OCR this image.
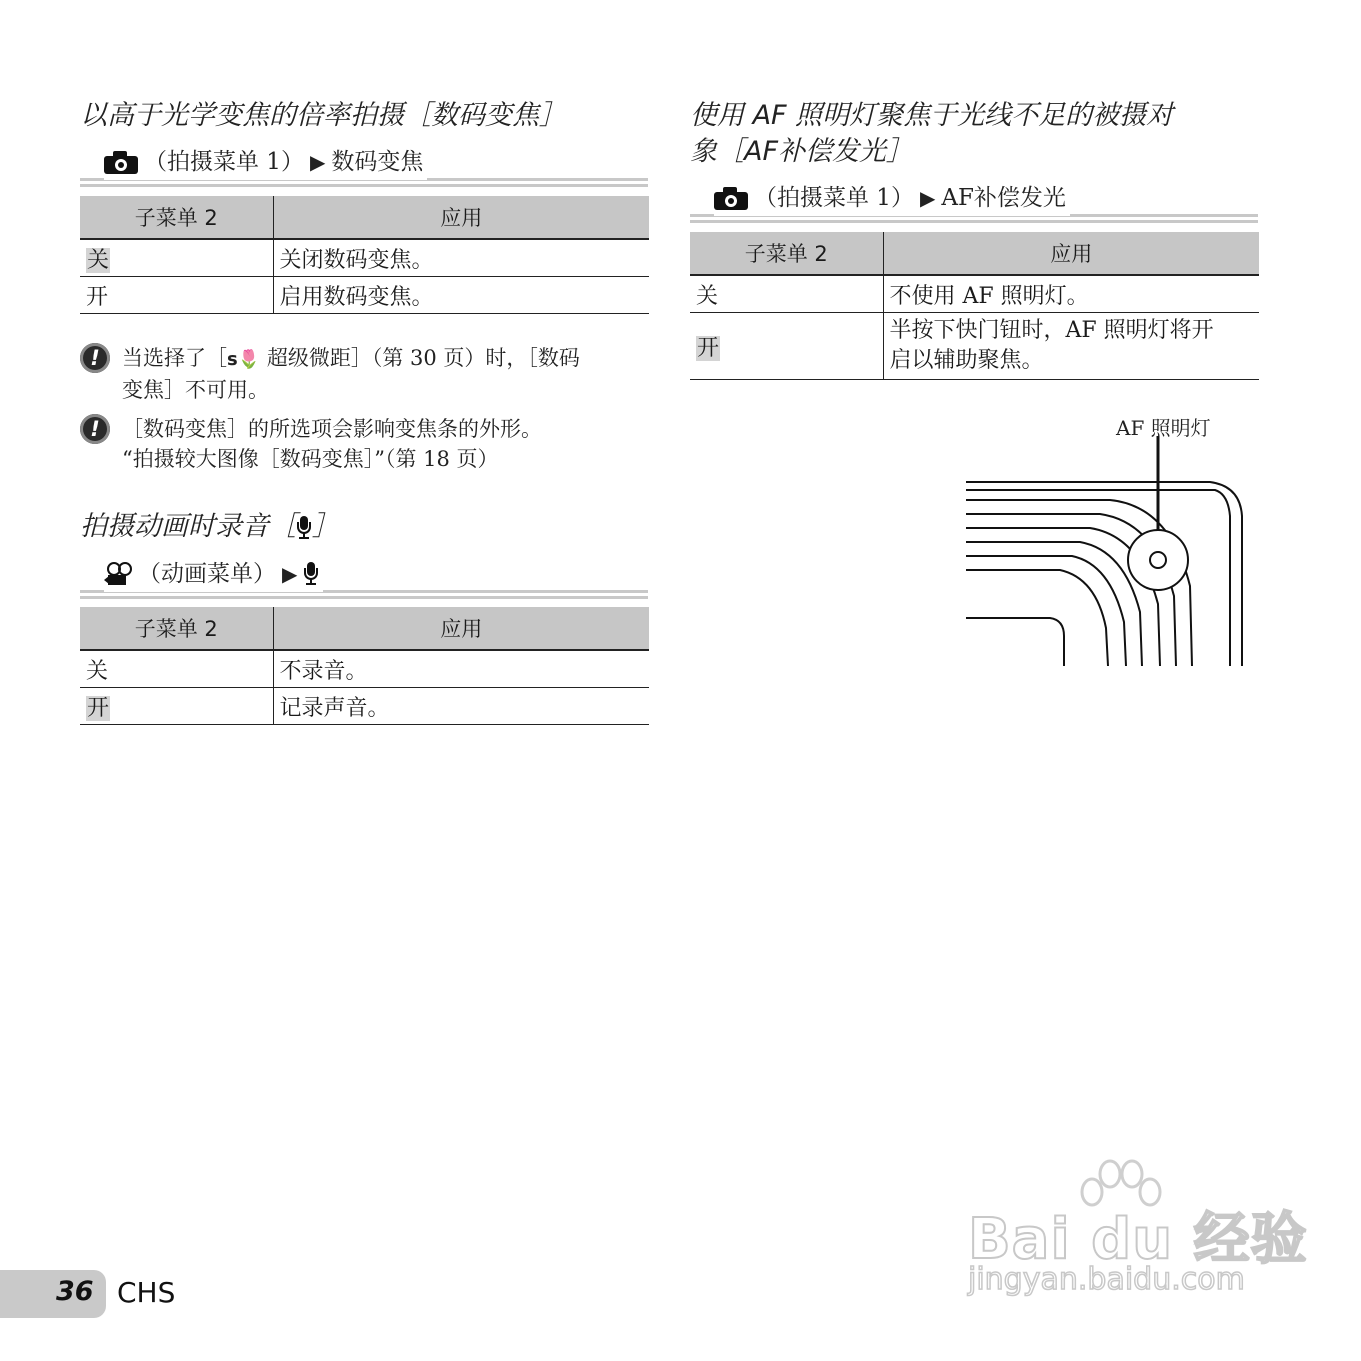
以高于光学变焦的倍率拍摄［数码变焦］
（拍摄菜单 1） ▶ 数码变焦
子菜单 2	应用
关	关闭数码变焦。
开	启用数码变焦。
!	当选择了［s🌷 超级微距］（第 30 页）时，［数码
变焦］不可用。
!	［数码变焦］的所选项会影响变焦条的外形。
“拍摄较大图像［数码变焦］”（第 18 页）
拍摄动画时录音［ ］
（动画菜单） ▶
子菜单 2	应用
关	不录音。
开	记录声音。
使用 AF 照明灯聚焦于光线不足的被摄对
象［AF补偿发光］
（拍摄菜单 1） ▶ AF补偿发光
子菜单 2	应用
关	不使用 AF 照明灯。
开	半按下快门钮时，AF 照明灯将开
启以辅助聚焦。
AF 照明灯
36 CHS
Bai du 经验
jingyan.baidu.com
